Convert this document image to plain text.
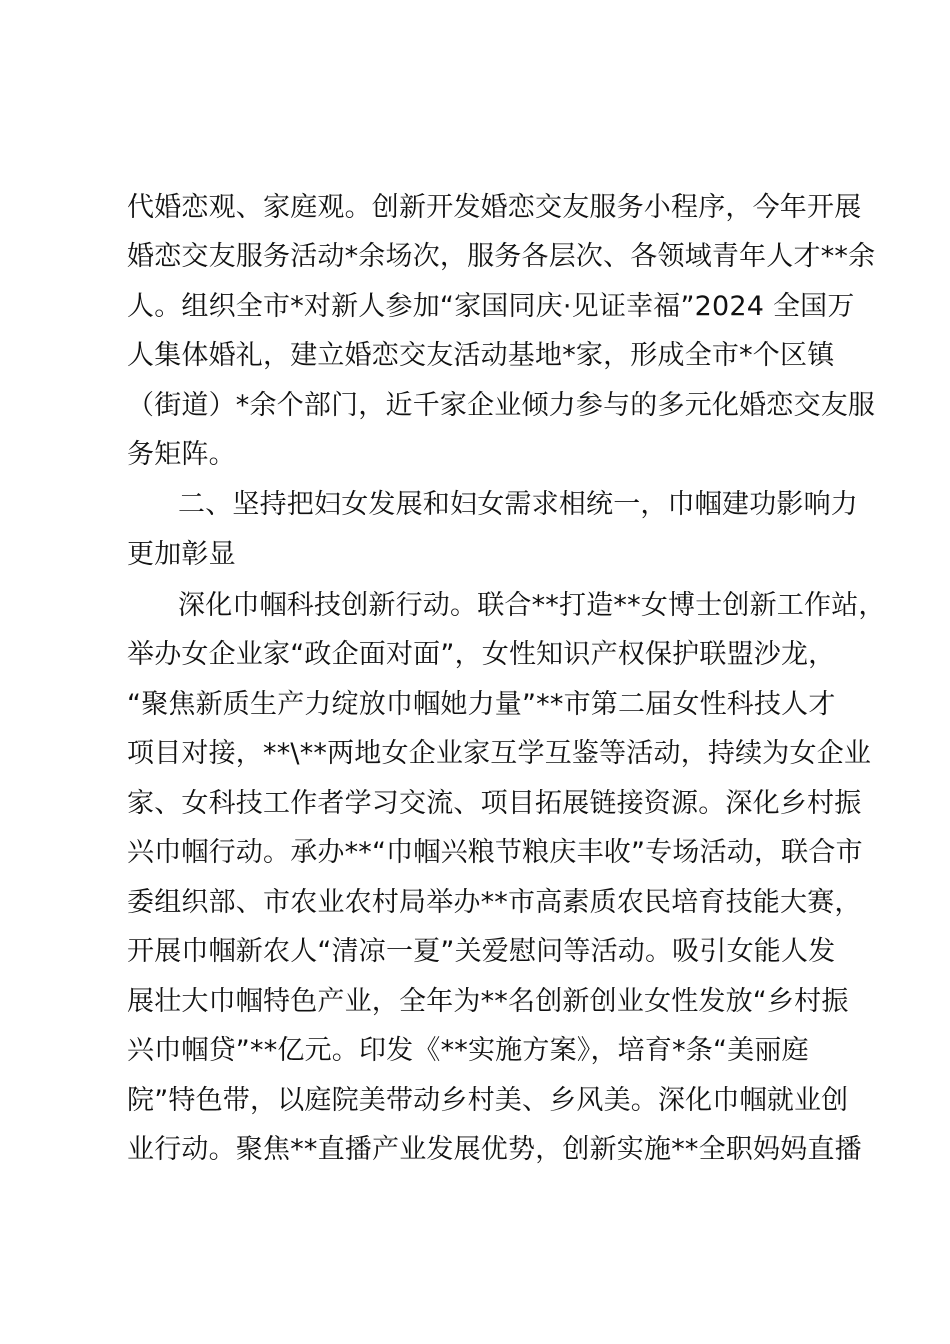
代婚恋观、家庭观。创新开发婚恋交友服务小程序，今年开展
婚恋交友服务活动*余场次，服务各层次、各领域青年人才**余
人。组织全市*对新人参加“家国同庆·见证幸福”2024 全国万
人集体婚礼，建立婚恋交友活动基地*家，形成全市*个区镇
（街道）*余个部门，近千家企业倾力参与的多元化婚恋交友服
务矩阵。
二、坚持把妇女发展和妇女需求相统一，巾帼建功影响力
更加彰显
深化巾帼科技创新行动。联合**打造**女博士创新工作站，
举办女企业家“政企面对面”，女性知识产权保护联盟沙龙，
“聚焦新质生产力绽放巾帼她力量”**市第二届女性科技人才
项目对接，**\**两地女企业家互学互鉴等活动，持续为女企业
家、女科技工作者学习交流、项目拓展链接资源。深化乡村振
兴巾帼行动。承办**“巾帼兴粮节粮庆丰收”专场活动，联合市
委组织部、市农业农村局举办**市高素质农民培育技能大赛，
开展巾帼新农人“清凉一夏”关爱慰问等活动。吸引女能人发
展壮大巾帼特色产业，全年为**名创新创业女性发放“乡村振
兴巾帼贷”**亿元。印发《**实施方案》，培育*条“美丽庭
院”特色带，以庭院美带动乡村美、乡风美。深化巾帼就业创
业行动。聚焦**直播产业发展优势，创新实施**全职妈妈直播
